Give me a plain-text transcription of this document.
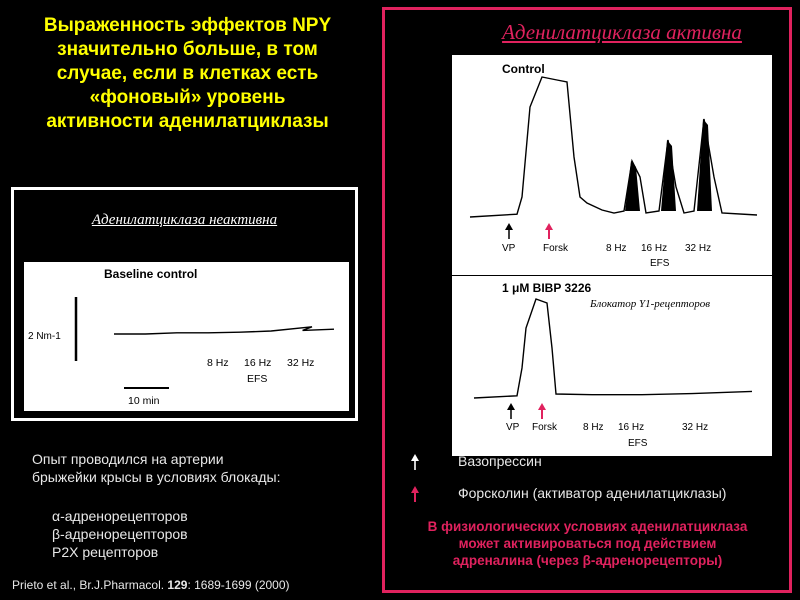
Выраженность эффектов NPY
значительно больше, в том
случае, если в клетках есть
«фоновый» уровень
активности аденилатциклазы
Аденилатциклаза неактивна
Baseline control
2 Nm-1
8 Hz 16 Hz 32 Hz
EFS
10 min
Опыт проводился на артерии
брыжейки крысы в условиях блокады:
α-адренорецепторов
β-адренорецепторов
P2X рецепторов
Prieto et al., Br.J.Pharmacol. 129: 1689-1699 (2000)
Аденилатциклаза активна
Control
VP	Forsk	8 Hz 16 Hz 32 Hz
EFS
1 μM BIBP 3226
Блокатор Y1-рецепторов
VP Forsk	8 Hz 16 Hz	32 Hz
EFS
Вазопрессин
Форсколин (активатор аденилатциклазы)
В физиологических условиях аденилатциклаза
может активироваться под действием
адреналина (через β-адренорецепторы)
